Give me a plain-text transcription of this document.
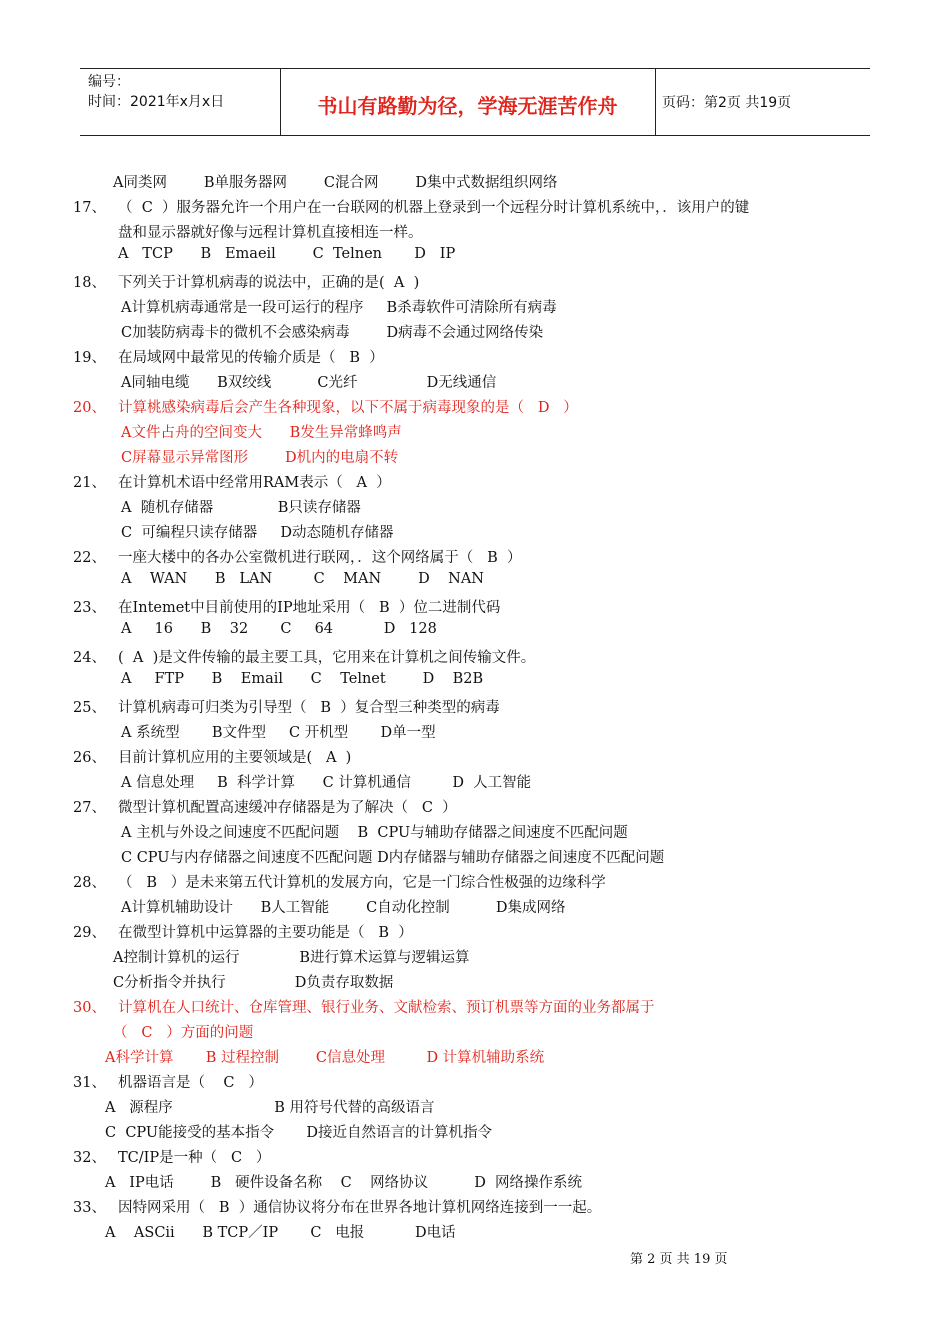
编号：
时间：2021年x月x日	书山有路勤为径，学海无涯苦作舟	页码：第2页 共19页
A同类网        B单服务器网        C混合网        D集中式数据组织网络
17、 （  C  ）服务器允许一个用户在一台联网的机器上登录到一个远程分时计算机系统中，．该用户的键
盘和显示器就好像与远程计算机直接相连一样。
A   TCP      B   Emaeil        C  Telnen       D   IP
18、 下列关于计算机病毒的说法中，正确的是(  A  )
A计算机病毒通常是一段可运行的程序     B杀毒软件可清除所有病毒
C加装防病毒卡的微机不会感染病毒        D病毒不会通过网络传染
19、 在局域网中最常见的传输介质是（   B  ）
A同轴电缆      B双绞线          C光纤               D无线通信
20、 计算桃感染病毒后会产生各种现象，以下不属于病毒现象的是（   D   ）
A文件占舟的空间变大      B发生异常蜂鸣声
C屏幕显示异常图形        D机内的电扇不转
21、 在计算机术语中经常用RAM表示（   A  ）
A  随机存储器              B只读存储器
C  可编程只读存储器     D动态随机存储器
22、 一座大楼中的各办公室微机进行联网，．这个网络属于（   B  ）
A    WAN      B   LAN         C    MAN        D    NAN
23、 在Intemet中目前使用的IP地址采用（   B  ）位二进制代码
A     16      B    32       C     64           D   128
24、 (  A  )是文件传输的最主要工具，它用来在计算机之间传输文件。
A     FTP      B    Email      C    Telnet        D    B2B
25、 计算机病毒可归类为引导型（   B  ）复合型三种类型的病毒
A 系统型       B文件型     C 开机型       D单一型
26、 目前计算机应用的主要领域是(   A  )
A 信息处理     B  科学计算      C 计算机通信         D  人工智能
27、 微型计算机配置高速缓冲存储器是为了解决（   C  ）
A 主机与外设之间速度不匹配问题    B  CPU与辅助存储器之间速度不匹配问题
C CPU与内存储器之间速度不匹配问题 D内存储器与辅助存储器之间速度不匹配问题
28、 （   B   ）是未来第五代计算机的发展方向，它是一门综合性极强的边缘科学
A计算机辅助设计      B人工智能        C自动化控制          D集成网络
29、 在微型计算机中运算器的主要功能是（   B  ）
A控制计算机的运行             B进行算术运算与逻辑运算
C分析指令并执行               D负责存取数据
30、 计算机在人口统计、仓库管理、银行业务、文献检索、预订机票等方面的业务都属于
（   C   ）方面的问题
A科学计算       B 过程控制        C信息处理         D 计算机辅助系统
31、 机器语言是（    C   ）
A   源程序                      B 用符号代替的高级语言
C  CPU能接受的基本指令       D接近自然语言的计算机指令
32、 TC/IP是一种（   C   ）
A   IP电话        B   硬件设备名称    C    网络协议          D  网络操作系统
33、 因特网采用（   B  ）通信协议将分布在世界各地计算机网络连接到一一起。
A    ASCii      B TCP／IP       C   电报           D电话
第 2 页 共 19 页
